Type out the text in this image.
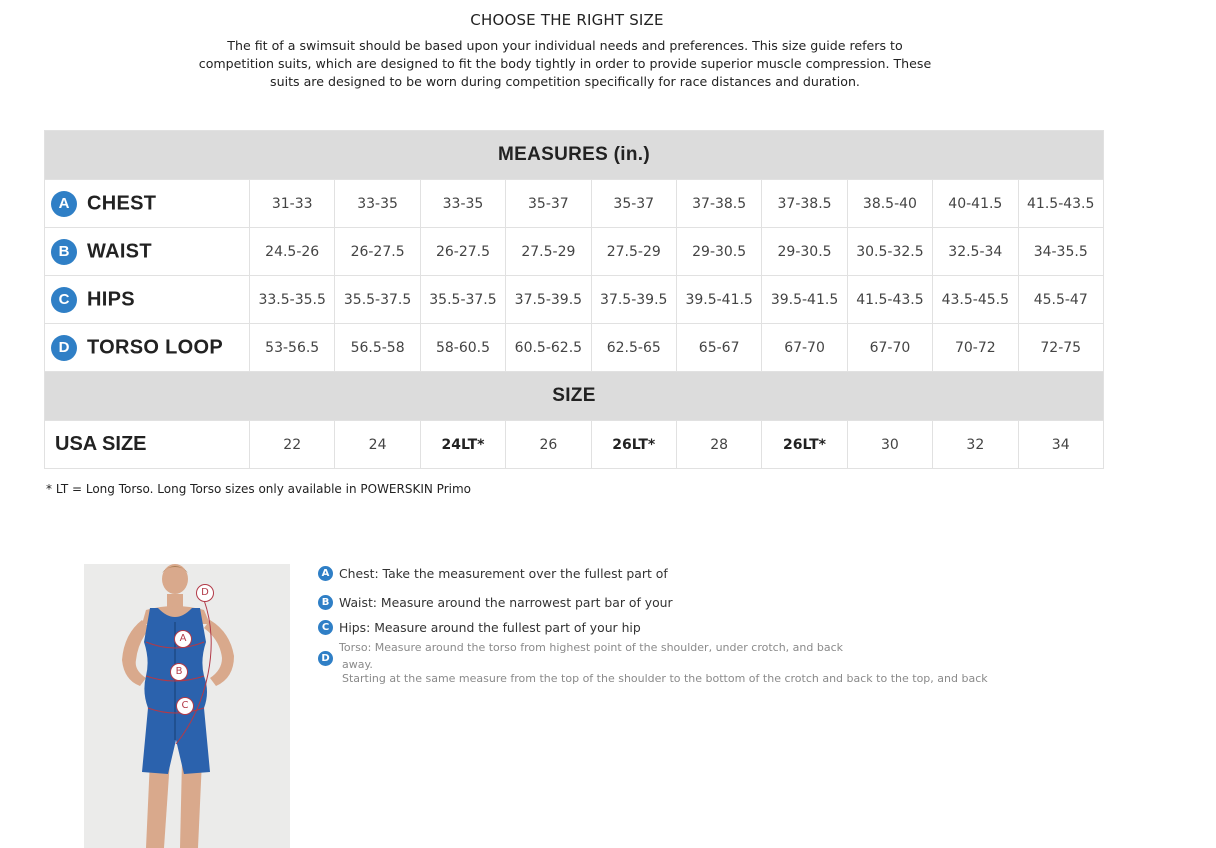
CHOOSE THE RIGHT SIZE
The fit of a swimsuit should be based upon your individual needs and preferences. This size guide refers to
competition suits, which are designed to fit the body tightly in order to provide superior muscle compression. These
suits are designed to be worn during competition specifically for race distances and duration.
MEASURES (in.)										
A CHEST	31-33	33-35	33-35	35-37	35-37	37-38.5	37-38.5	38.5-40	40-41.5	41.5-43.5
B WAIST	24.5-26	26-27.5	26-27.5	27.5-29	27.5-29	29-30.5	29-30.5	30.5-32.5	32.5-34	34-35.5
C HIPS	33.5-35.5	35.5-37.5	35.5-37.5	37.5-39.5	37.5-39.5	39.5-41.5	39.5-41.5	41.5-43.5	43.5-45.5	45.5-47
D TORSO LOOP	53-56.5	56.5-58	58-60.5	60.5-62.5	62.5-65	65-67	67-70	67-70	70-72	72-75
SIZE										
USA SIZE	22	24	24LT*	26	26LT*	28	26LT*	30	32	34
* LT = Long Torso. Long Torso sizes only available in POWERSKIN Primo
D
A
B
C
A Chest: Take the measurement over the fullest part of
B Waist: Measure around the narrowest part bar of your
C Hips: Measure around the fullest part of your hip
DTorso: Measure around the torso from highest point of the shoulder, under crotch, and back
away.
Starting at the same measure from the top of the shoulder to the bottom of the crotch and back to the top, and back
